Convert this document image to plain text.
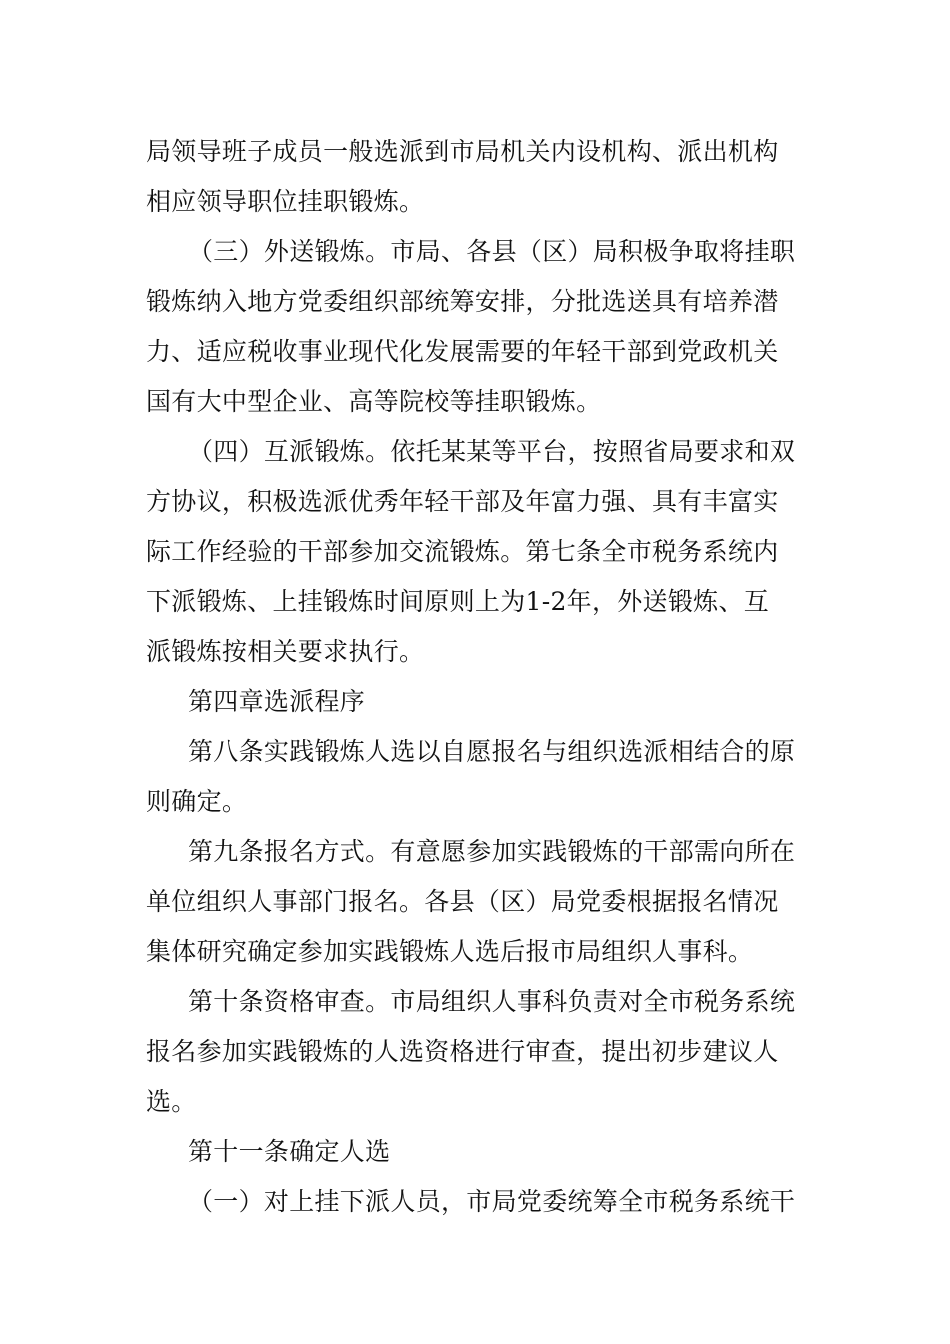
局领导班子成员一般选派到市局机关内设机构、派出机构
相应领导职位挂职锻炼。
（三）外送锻炼。市局、各县（区）局积极争取将挂职
锻炼纳入地方党委组织部统筹安排，分批选送具有培养潜
力、适应税收事业现代化发展需要的年轻干部到党政机关
国有大中型企业、高等院校等挂职锻炼。
（四）互派锻炼。依托某某等平台，按照省局要求和双
方协议，积极选派优秀年轻干部及年富力强、具有丰富实
际工作经验的干部参加交流锻炼。第七条全市税务系统内
下派锻炼、上挂锻炼时间原则上为1-2年，外送锻炼、互
派锻炼按相关要求执行。
第四章选派程序
第八条实践锻炼人选以自愿报名与组织选派相结合的原
则确定。
第九条报名方式。有意愿参加实践锻炼的干部需向所在
单位组织人事部门报名。各县（区）局党委根据报名情况
集体研究确定参加实践锻炼人选后报市局组织人事科。
第十条资格审查。市局组织人事科负责对全市税务系统
报名参加实践锻炼的人选资格进行审查，提出初步建议人
选。
第十一条确定人选
（一）对上挂下派人员，市局党委统筹全市税务系统干
